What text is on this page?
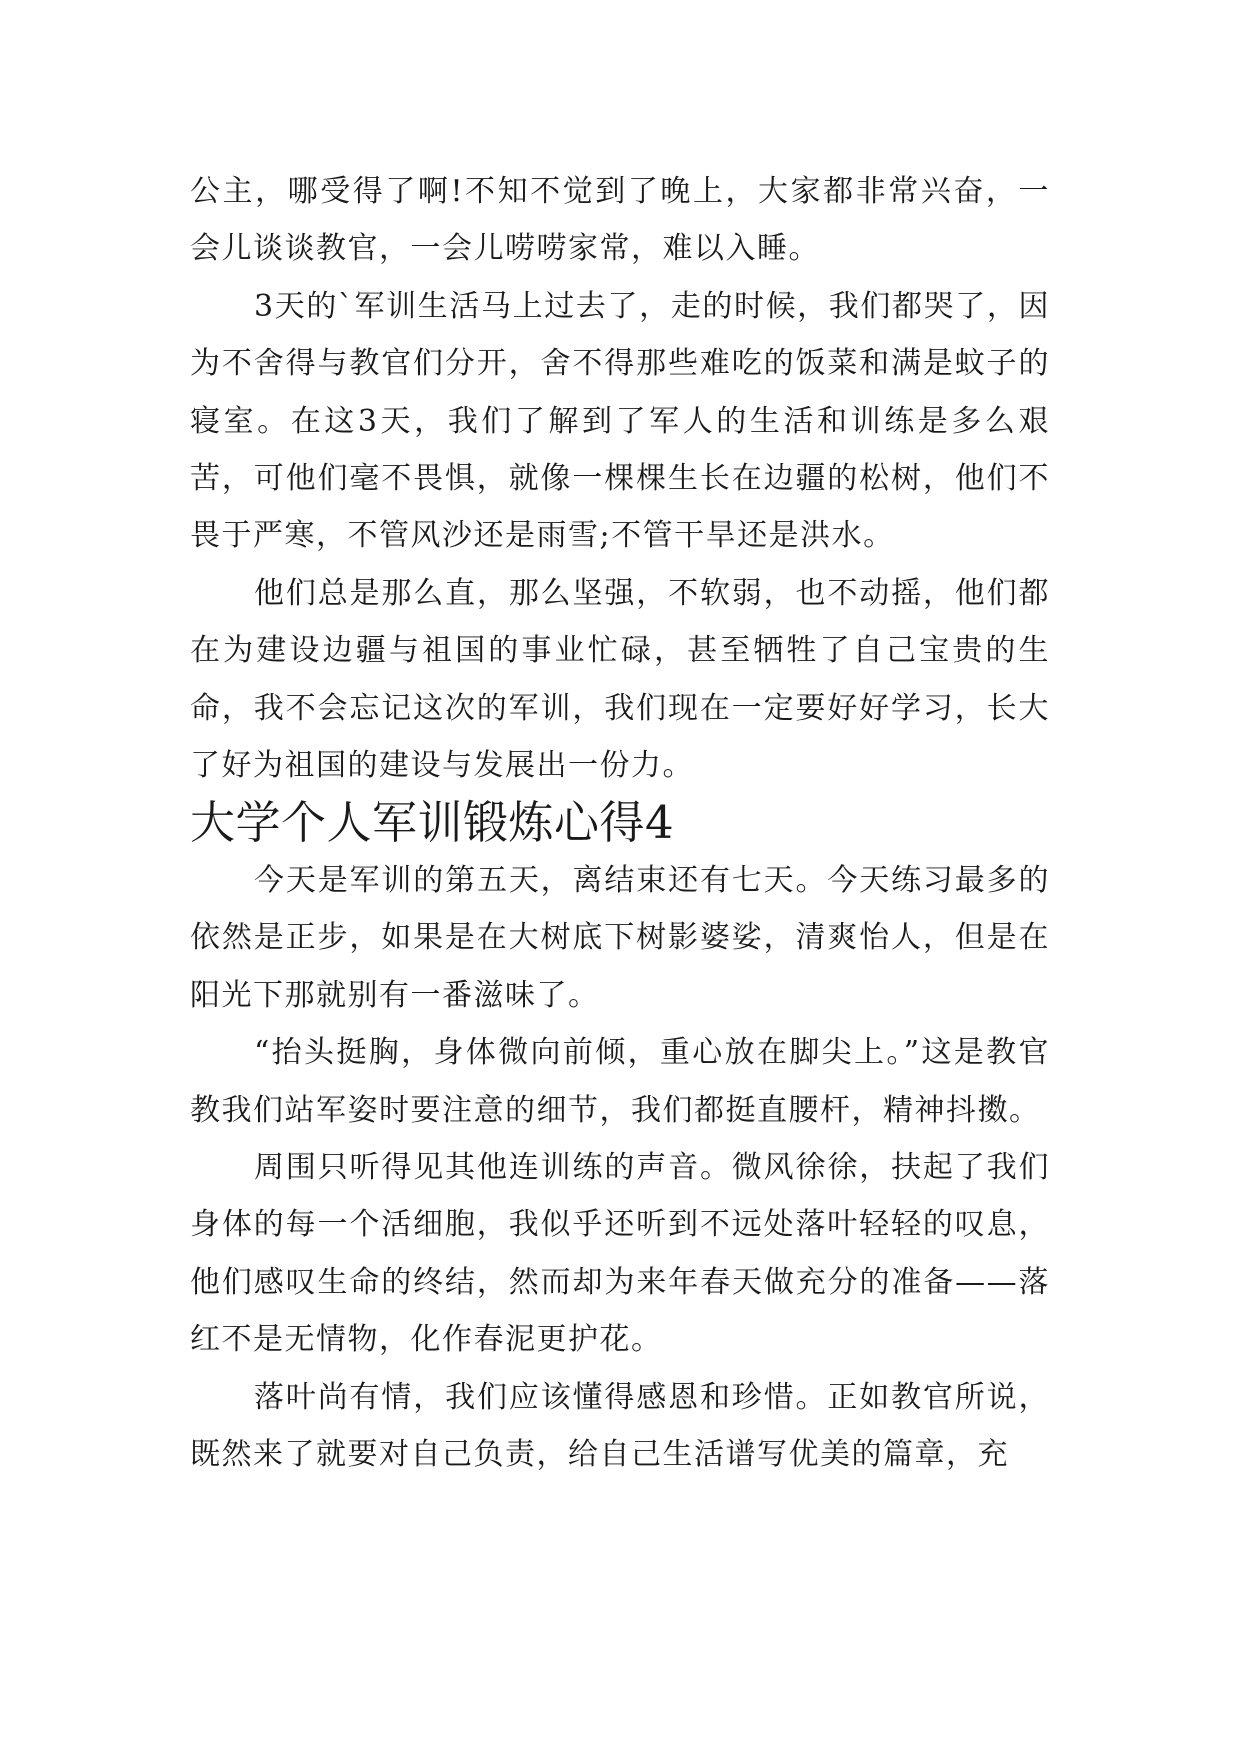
公主，哪受得了啊!不知不觉到了晚上，大家都非常兴奋，一会儿谈谈教官，一会儿唠唠家常，难以入睡。

3天的`军训生活马上过去了，走的时候，我们都哭了，因为不舍得与教官们分开，舍不得那些难吃的饭菜和满是蚊子的寝室。在这3天，我们了解到了军人的生活和训练是多么艰苦，可他们毫不畏惧，就像一棵棵生长在边疆的松树，他们不畏于严寒，不管风沙还是雨雪;不管干旱还是洪水。

他们总是那么直，那么坚强，不软弱，也不动摇，他们都在为建设边疆与祖国的事业忙碌，甚至牺牲了自己宝贵的生命，我不会忘记这次的军训，我们现在一定要好好学习，长大了好为祖国的建设与发展出一份力。

大学个人军训锻炼心得4

今天是军训的第五天，离结束还有七天。今天练习最多的依然是正步，如果是在大树底下树影婆娑，清爽怡人，但是在阳光下那就别有一番滋味了。

“抬头挺胸，身体微向前倾，重心放在脚尖上。”这是教官教我们站军姿时要注意的细节，我们都挺直腰杆，精神抖擞。

周围只听得见其他连训练的声音。微风徐徐，扶起了我们身体的每一个活细胞，我似乎还听到不远处落叶轻轻的叹息，他们感叹生命的终结，然而却为来年春天做充分的准备——落红不是无情物，化作春泥更护花。

落叶尚有情，我们应该懂得感恩和珍惜。正如教官所说，既然来了就要对自己负责，给自己生活谱写优美的篇章，充
